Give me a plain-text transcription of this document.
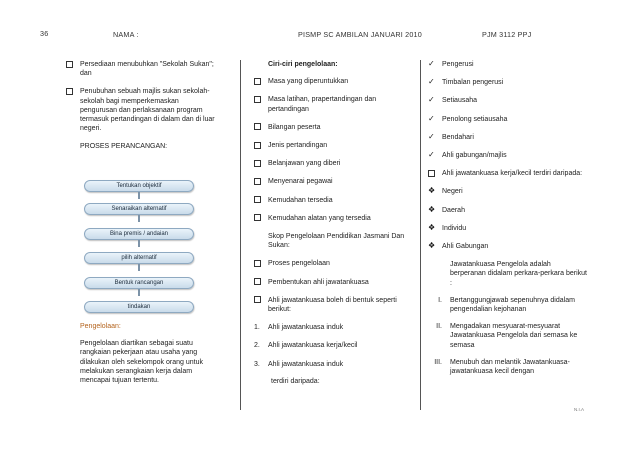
36	NAMA :	PISMP SC AMBILAN JANUARI 2010	PJM 3112 PPJ
Persediaan menubuhkan "Sekolah Sukan"; dan
Penubuhan sebuah majlis sukan sekolah-sekolah bagi memperkemaskan pengurusan dan perlaksanaan program termasuk pertandingan di dalam dan di luar negeri.
PROSES PERANCANGAN:
Tentukan objektif
Senaraikan alternatif
Bina premis / andaian
pilih alternatif
Bentuk rancangan
tindakan
Pengelolaan:
Pengelolaan diartikan sebagai suatu rangkaian pekerjaan atau usaha yang dilakukan oleh sekelompok orang untuk melakukan serangkaian kerja dalam mencapai tujuan tertentu.
Ciri-ciri pengelolaan:
Masa yang diperuntukkan
Masa latihan, prapertandingan dan pertandingan
Bilangan peserta
Jenis pertandingan
Belanjawan yang diberi
Menyenarai pegawai
Kemudahan tersedia
Kemudahan alatan yang tersedia
Skop Pengelolaan Pendidikan Jasmani Dan Sukan:
Proses pengelolaan
Pembentukan ahli jawatankuasa
Ahli jawatankuasa boleh di bentuk seperti berikut:
1. Ahli jawatankuasa induk
2. Ahli jawatankuasa kerja/kecil
3. Ahli jawatankuasa induk
terdiri daripada:
✓ Pengerusi
✓ Timbalan pengerusi
✓ Setiausaha
✓ Penolong setiausaha
✓ Bendahari
✓ Ahli gabungan/majlis
Ahli jawatankuasa kerja/kecil terdiri daripada:
❖ Negeri
❖ Daerah
❖ Individu
❖ Ahli Gabungan
Jawatankuasa Pengelola adalah berperanan didalam perkara-perkara berikut :
I. Bertanggungjawab sepenuhnya didalam pengendalian kejohanan
II. Mengadakan mesyuarat-mesyuarat Jawatankuasa Pengelola dari semasa ke semasa
III. Menubuh dan melantik Jawatankuasa-jawatankuasa kecil dengan
N.I.A
